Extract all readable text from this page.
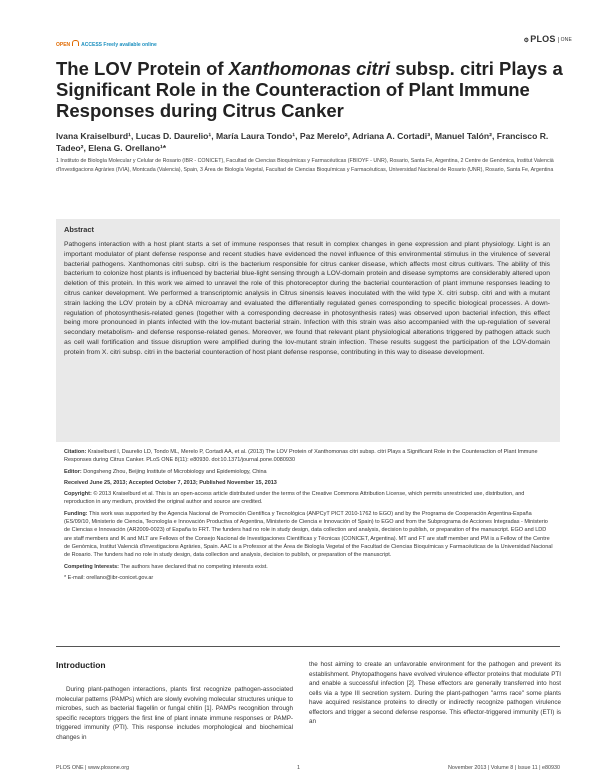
OPEN ACCESS Freely available online
⚙PLOS ONE
The LOV Protein of Xanthomonas citri subsp. citri Plays a Significant Role in the Counteraction of Plant Immune Responses during Citrus Canker
Ivana Kraiselburd¹, Lucas D. Daurelio¹, María Laura Tondo¹, Paz Merelo², Adriana A. Cortadi³, Manuel Talón², Francisco R. Tadeo², Elena G. Orellano¹*
1 Instituto de Biología Molecular y Celular de Rosario (IBR - CONICET), Facultad de Ciencias Bioquímicas y Farmacéuticas (FBIOYF - UNR), Rosario, Santa Fe, Argentina, 2 Centre de Genómica, Institut Valencià d'Investigacions Agràries (IVIA), Montcada (Valencia), Spain, 3 Área de Biología Vegetal, Facultad de Ciencias Bioquímicas y Farmacéuticas, Universidad Nacional de Rosario (UNR), Rosario, Santa Fe, Argentina
Abstract
Pathogens interaction with a host plant starts a set of immune responses that result in complex changes in gene expression and plant physiology. Light is an important modulator of plant defense response and recent studies have evidenced the novel influence of this environmental stimulus in the virulence of several bacterial pathogens. Xanthomonas citri subsp. citri is the bacterium responsible for citrus canker disease, which affects most citrus cultivars. The ability of this bacterium to colonize host plants is influenced by bacterial blue-light sensing through a LOV-domain protein and disease symptoms are considerably altered upon deletion of this protein. In this work we aimed to unravel the role of this photoreceptor during the bacterial counteraction of plant immune responses leading to citrus canker development. We performed a transcriptomic analysis in Citrus sinensis leaves inoculated with the wild type X. citri subsp. citri and with a mutant strain lacking the LOV protein by a cDNA microarray and evaluated the differentially regulated genes corresponding to specific biological processes. A down-regulation of photosynthesis-related genes (together with a corresponding decrease in photosynthesis rates) was observed upon bacterial infection, this effect being more pronounced in plants infected with the lov-mutant bacterial strain. Infection with this strain was also accompanied with the up-regulation of several secondary metabolism- and defense response-related genes. Moreover, we found that relevant plant physiological alterations triggered by pathogen attack such as cell wall fortification and tissue disruption were amplified during the lov-mutant strain infection. These results suggest the participation of the LOV-domain protein from X. citri subsp. citri in the bacterial counteraction of host plant defense response, contributing in this way to disease development.

Citation: Kraiselburd I, Daurelio LD, Tondo ML, Merelo P, Cortadi AA, et al. (2013) The LOV Protein of Xanthomonas citri subsp. citri Plays a Significant Role in the Counteraction of Plant Immune Responses during Citrus Canker. PLoS ONE 8(11): e80930. doi:10.1371/journal.pone.0080930

Editor: Dongsheng Zhou, Beijing Institute of Microbiology and Epidemiology, China

Received June 25, 2013; Accepted October 7, 2013; Published November 15, 2013

Copyright: © 2013 Kraiselburd et al. This is an open-access article distributed under the terms of the Creative Commons Attribution License, which permits unrestricted use, distribution, and reproduction in any medium, provided the original author and source are credited.

Funding: This work was supported by the Agencia Nacional de Promoción Científica y Tecnológica (ANPCyT PICT 2010-1762 to EGO) and by the Programa de Cooperación Argentina-España (ES/09/10, Ministerio de Ciencia, Tecnología e Innovación Productiva of Argentina, Ministerio de Ciencia e Innovación of Spain) to EGO and from the Subprograma de Acciones Integradas - Ministerio de Ciencias e Innovación (AR2009-0023) of España to FRT. The funders had no role in study design, data collection and analysis, decision to publish, or preparation of the manuscript. EGO and LDD are staff members and IK and MLT are Fellows of the Consejo Nacional de Investigaciones Científicas y Técnicas (CONICET, Argentina). MT and FT are staff member and PM is a Fellow of the Centre de Genòmica, Institut Valencià d'Investigacions Agràries, Spain. AAC is a Professor at the Área de Biología Vegetal of the Facultad de Ciencias Bioquímicas y Farmacéuticas de la Universidad Nacional de Rosario. The funders had no role in study design, data collection and analysis, decision to publish, or preparation of the manuscript.

Competing Interests: The authors have declared that no competing interests exist.

* E-mail: orellano@ibr-conicet.gov.ar

Introduction
During plant-pathogen interactions, plants first recognize pathogen-associated molecular patterns (PAMPs) which are slowly evolving molecular structures unique to microbes, such as bacterial flagellin or fungal chitin [1]. PAMPs recognition through specific receptors triggers the first line of plant innate immune responses or PAMP-triggered immunity (PTI). This response includes morphological and biochemical changes in
the host aiming to create an unfavorable environment for the pathogen and prevent its establishment. Phytopathogens have evolved virulence effector proteins that modulate PTI and enable a successful infection [2]. These effectors are generally transferred into host cells via a type III secretion system. During the plant-pathogen "arms race" some plants have acquired resistance proteins to directly or indirectly recognize pathogen virulence effectors and trigger a second defense response. This effector-triggered immunity (ETI) is an
PLOS ONE | www.plosone.org	1	November 2013 | Volume 8 | Issue 11 | e80930
